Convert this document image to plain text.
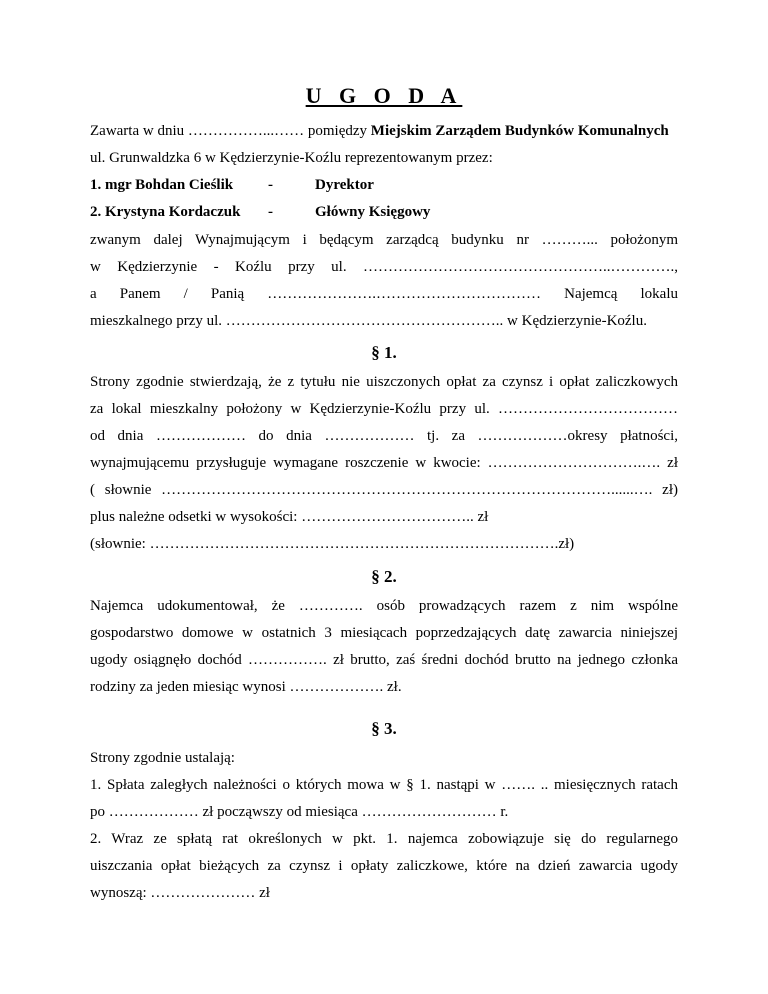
U G O D A
Zawarta w dniu ……………...…… pomiędzy Miejskim Zarządem Budynków Komunalnych
ul. Grunwaldzka 6 w Kędzierzynie-Koźlu reprezentowanym przez:
1. mgr Bohdan Cieślik -	Dyrektor
2. Krystyna Kordaczuk -	Główny Księgowy
zwanym dalej Wynajmującym i będącym zarządcą budynku nr ………... położonym
w Kędzierzynie - Koźlu przy ul. …………………………………………..………….,
a Panem / Panią ………………….…………………………… Najemcą lokalu
mieszkalnego przy ul. ……………………………………………….. w Kędzierzynie-Koźlu.
§ 1.
Strony zgodnie stwierdzają, że z tytułu nie uiszczonych opłat za czynsz i opłat zaliczkowych
za lokal mieszkalny położony w Kędzierzynie-Koźlu przy ul. ………………………………
od dnia ……………… do dnia ……………… tj. za ………………okresy płatności,
wynajmującemu przysługuje wymagane roszczenie w kwocie: ………………………….…. zł
( słownie ………………………………………………………………………………......…. zł)
plus należne odsetki w wysokości: …………………………….. zł
(słownie: ……………………………………………………………………….zł)
§ 2.
Najemca udokumentował, że …………. osób prowadzących razem z nim wspólne
gospodarstwo domowe w ostatnich 3 miesiącach poprzedzających datę zawarcia niniejszej
ugody osiągnęło dochód ……………. zł brutto, zaś średni dochód brutto na jednego członka
rodziny za jeden miesiąc wynosi ………………. zł.
§ 3.
Strony zgodnie ustalają:
1. Spłata zaległych należności o których mowa w § 1. nastąpi w ……. .. miesięcznych ratach
po ……………… zł począwszy od miesiąca ……………………… r.
2. Wraz ze spłatą rat określonych w pkt. 1. najemca zobowiązuje się do regularnego
uiszczania opłat bieżących za czynsz i opłaty zaliczkowe, które na dzień zawarcia ugody
wynoszą: ………………… zł
